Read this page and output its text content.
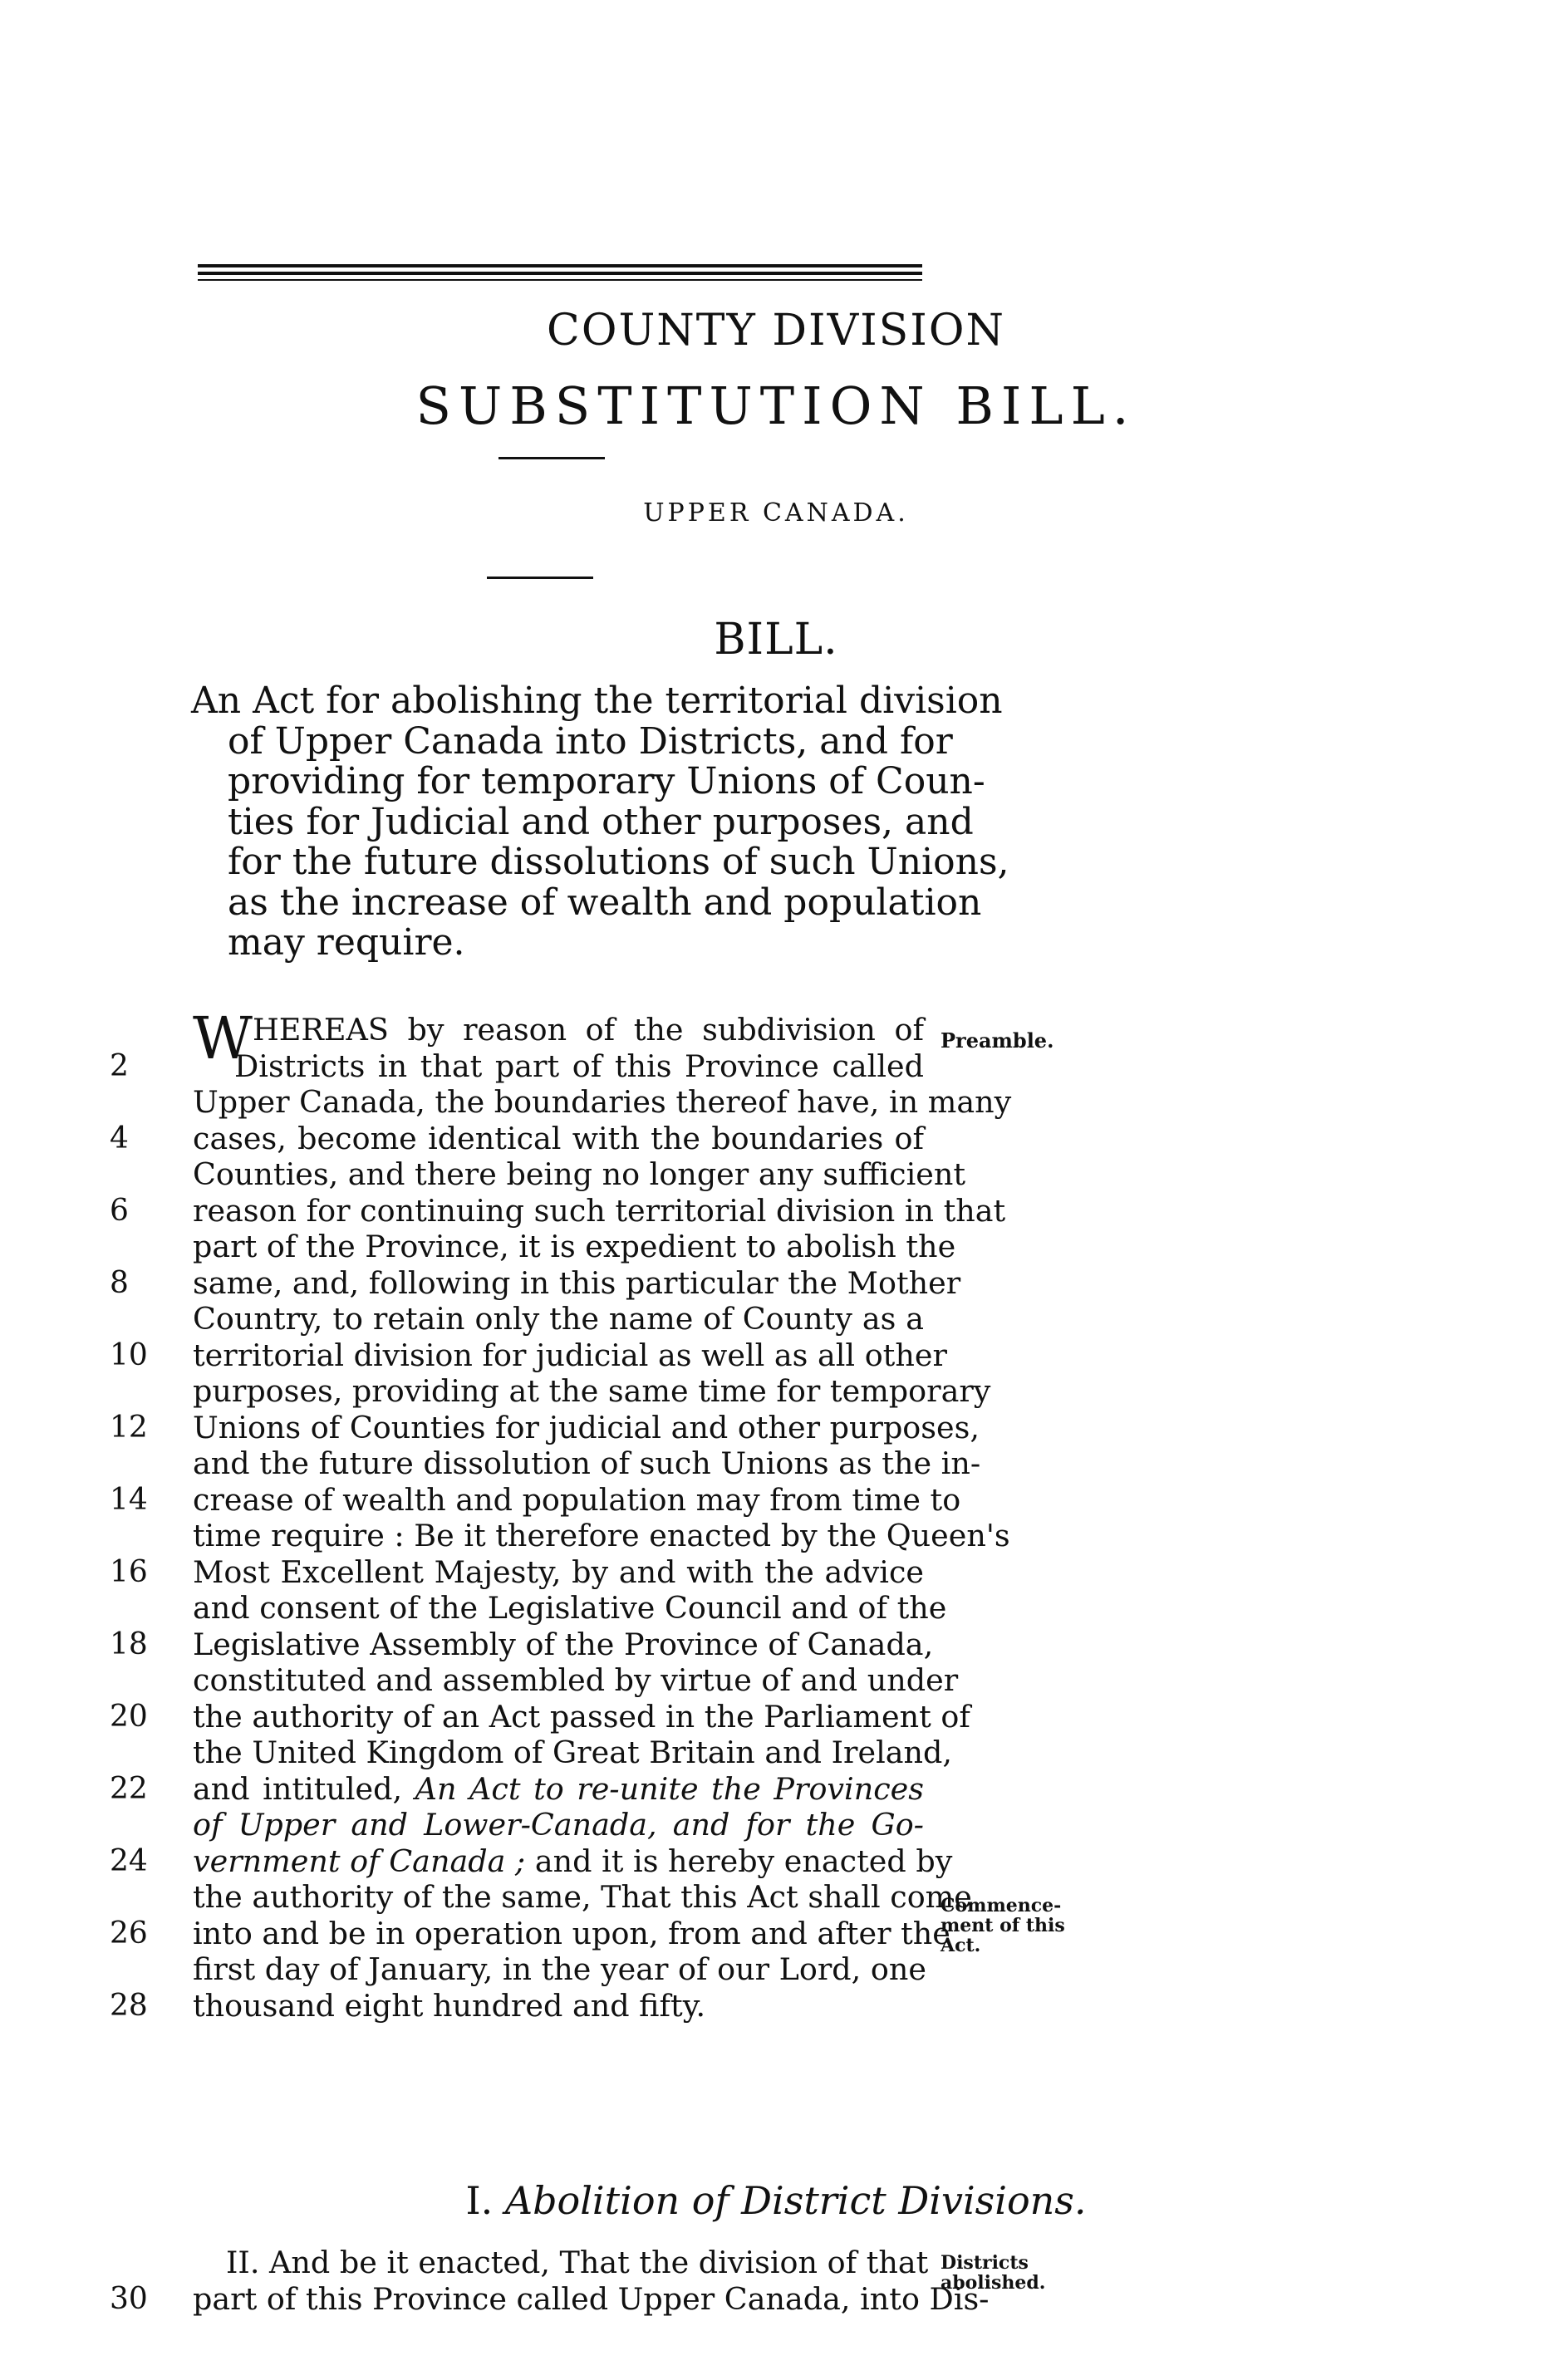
COUNTY DIVISION
SUBSTITUTION BILL.
UPPER CANADA.
BILL.
An Act for abolishing the territorial division
of Upper Canada into Districts, and for
providing for temporary Unions of Coun-
ties for Judicial and other purposes, and
for the future dissolutions of such Unions,
as the increase of wealth and population
may require.
WHEREAS by reason of the subdivision of
2	Districts in that part of this Province called
Upper Canada, the boundaries thereof have, in many
4	cases, become identical with the boundaries of
Counties, and there being no longer any sufficient
6	reason for continuing such territorial division in that
part of the Province, it is expedient to abolish the
8	same, and, following in this particular the Mother
Country, to retain only the name of County as a
10	territorial division for judicial as well as all other
purposes, providing at the same time for temporary
12	Unions of Counties for judicial and other purposes,
and the future dissolution of such Unions as the in-
14	crease of wealth and population may from time to
time require : Be it therefore enacted by the Queen's
16	Most Excellent Majesty, by and with the advice
and consent of the Legislative Council and of the
18	Legislative Assembly of the Province of Canada,
constituted and assembled by virtue of and under
20	the authority of an Act passed in the Parliament of
the United Kingdom of Great Britain and Ireland,
22	and intituled, An Act to re-unite the Provinces
of Upper and Lower-Canada, and for the Go-
24	vernment of Canada ; and it is hereby enacted by
the authority of the same, That this Act shall come
26	into and be in operation upon, from and after the
first day of January, in the year of our Lord, one
28	thousand eight hundred and fifty.
Preamble.
Commence-
ment of this
Act.
I. Abolition of District Divisions.
II. And be it enacted, That the division of that
30	part of this Province called Upper Canada, into Dis-
Districts
abolished.
